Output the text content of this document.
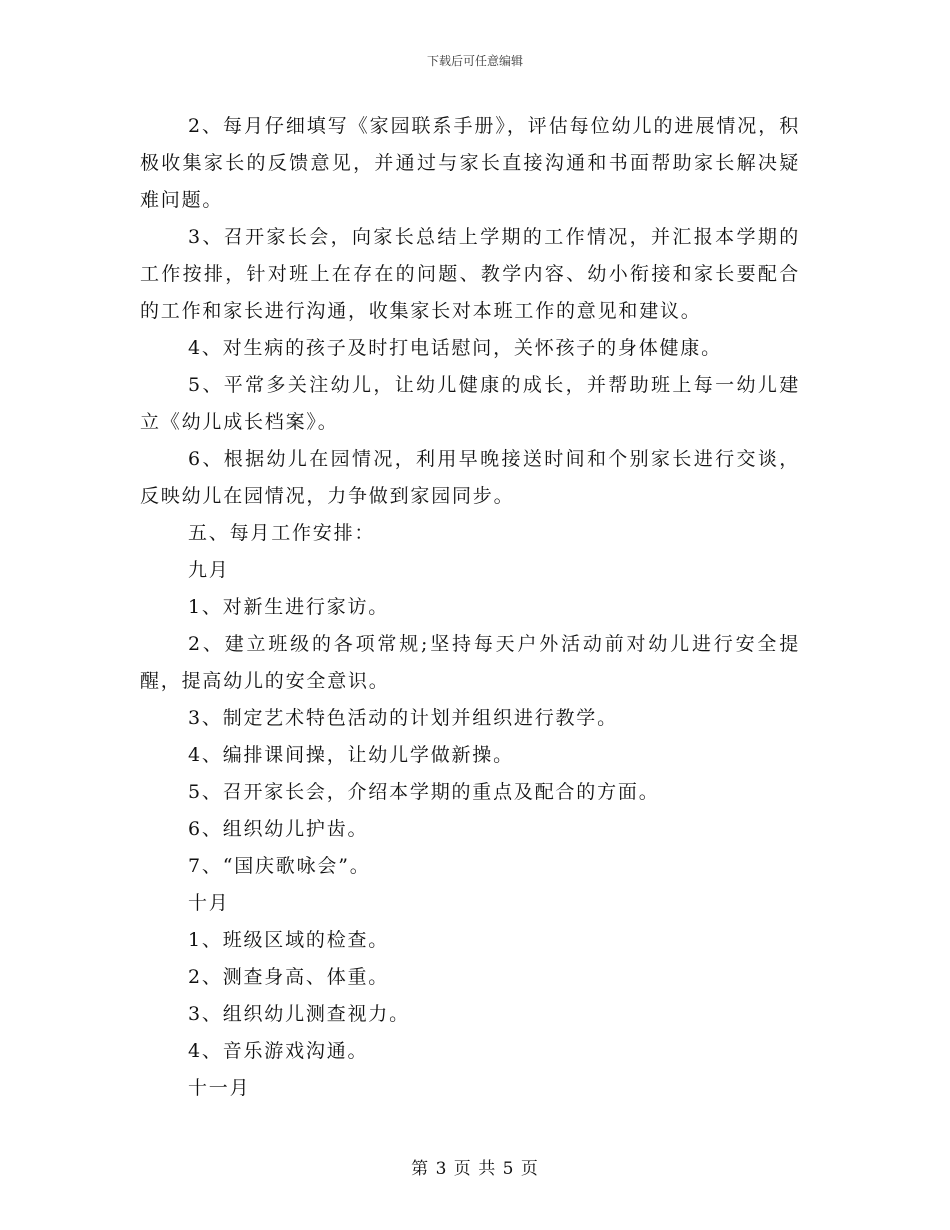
下载后可任意编辑

2、每月仔细填写《家园联系手册》，评估每位幼儿的进展情况，积极收集家长的反馈意见，并通过与家长直接沟通和书面帮助家长解决疑难问题。

3、召开家长会，向家长总结上学期的工作情况，并汇报本学期的工作按排，针对班上在存在的问题、教学内容、幼小衔接和家长要配合的工作和家长进行沟通，收集家长对本班工作的意见和建议。

4、对生病的孩子及时打电话慰问，关怀孩子的身体健康。

5、平常多关注幼儿，让幼儿健康的成长，并帮助班上每一幼儿建立《幼儿成长档案》。

6、根据幼儿在园情况，利用早晚接送时间和个别家长进行交谈，反映幼儿在园情况，力争做到家园同步。

五、每月工作安排：

九月

1、对新生进行家访。

2、建立班级的各项常规;坚持每天户外活动前对幼儿进行安全提醒，提高幼儿的安全意识。

3、制定艺术特色活动的计划并组织进行教学。

4、编排课间操，让幼儿学做新操。

5、召开家长会，介绍本学期的重点及配合的方面。

6、组织幼儿护齿。

7、“国庆歌咏会”。

十月

1、班级区域的检查。

2、测查身高、体重。

3、组织幼儿测查视力。

4、音乐游戏沟通。

十一月

第 3 页 共 5 页
